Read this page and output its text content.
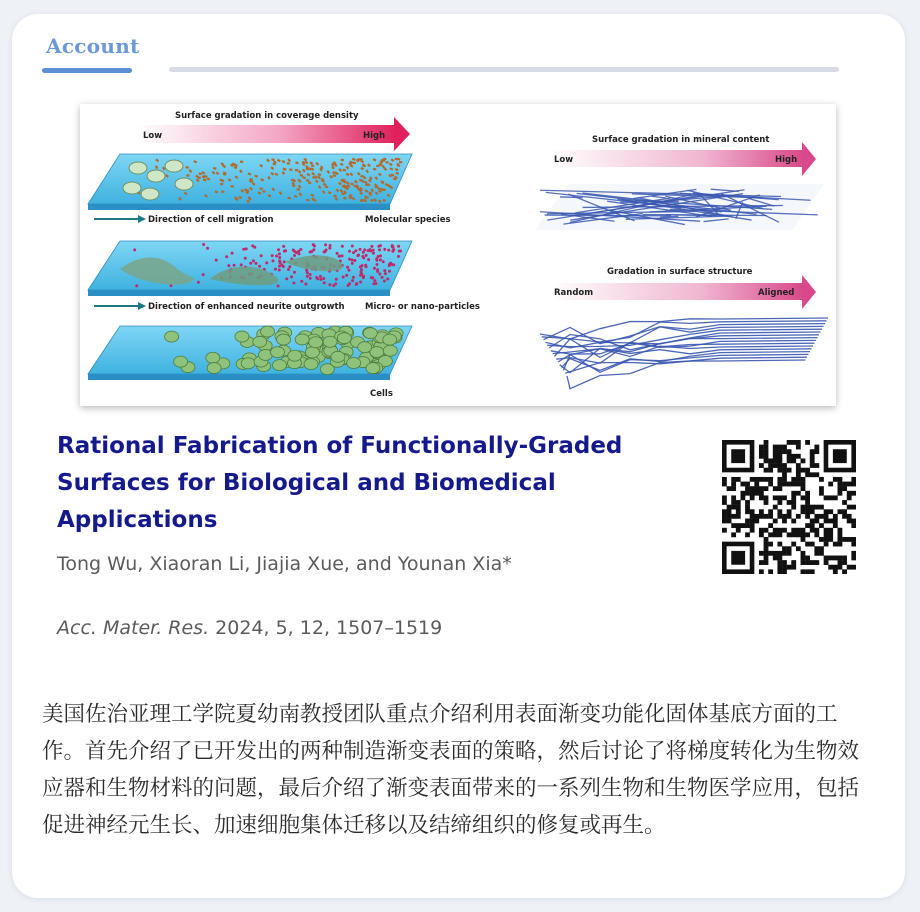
Account
Surface gradation in coverage density
Low	High
Direction of cell migration	Molecular species
Direction of enhanced neurite outgrowth Micro- or nano-particles
Cells
Surface gradation in mineral content
Low	High
Gradation in surface structure
Random	Aligned
Rational Fabrication of Functionally-Graded Surfaces for Biological and Biomedical Applications
Tong Wu, Xiaoran Li, Jiajia Xue, and Younan Xia*
Acc. Mater. Res. 2024, 5, 12, 1507–1519

美国佐治亚理工学院夏幼南教授团队重点介绍利用表面渐变功能化固体基底方面的工作。首先介绍了已开发出的两种制造渐变表面的策略，然后讨论了将梯度转化为生物效应器和生物材料的问题，最后介绍了渐变表面带来的一系列生物和生物医学应用，包括促进神经元生长、加速细胞集体迁移以及结缔组织的修复或再生。
